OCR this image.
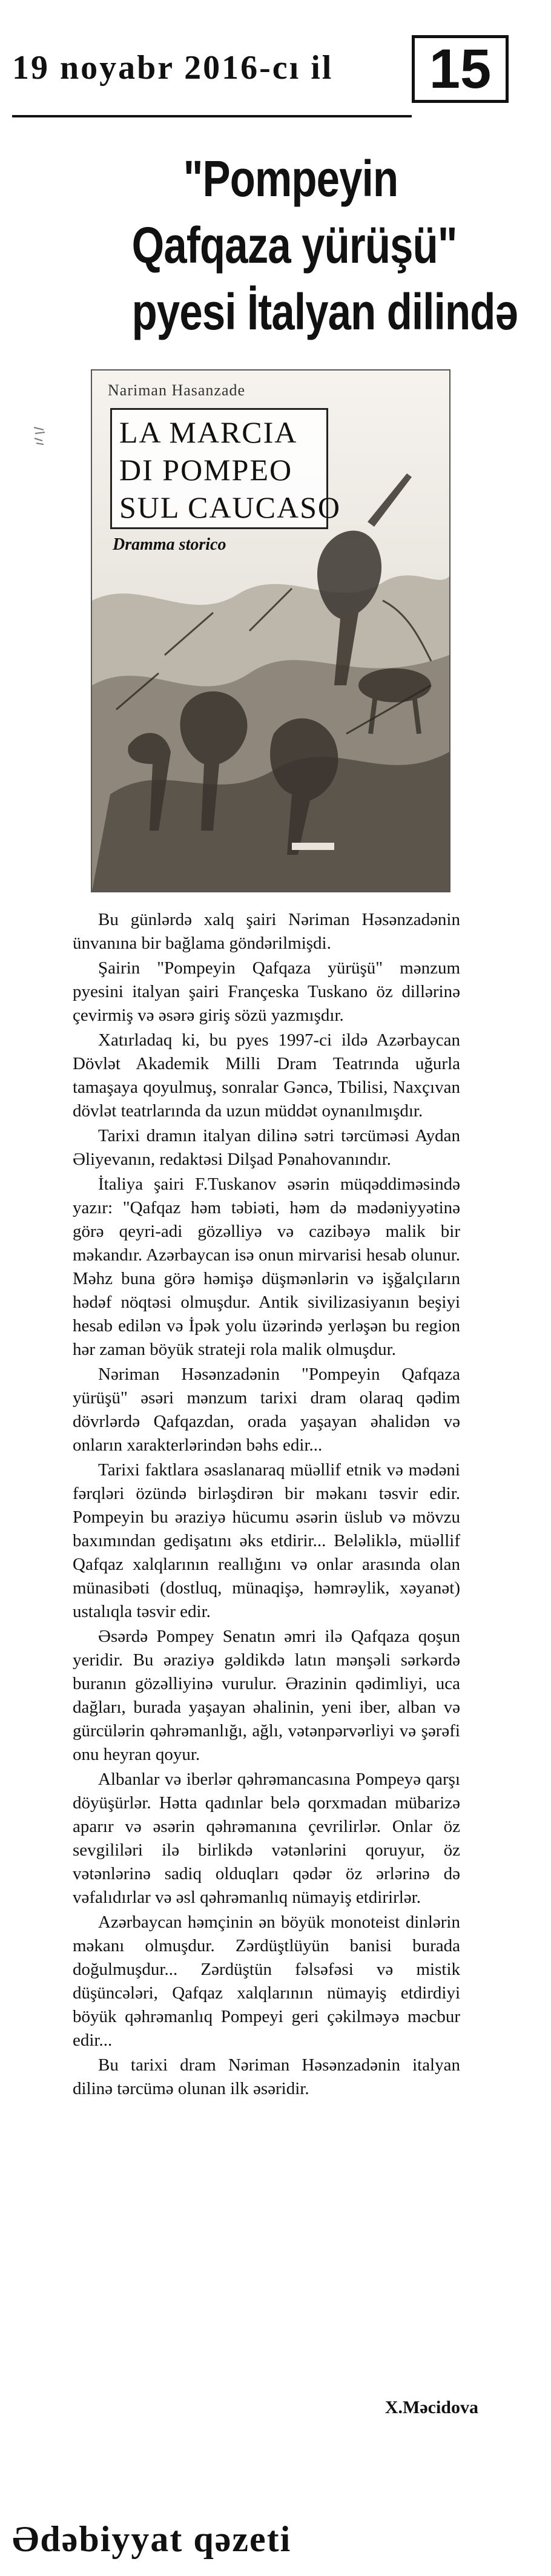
19 noyabr 2016-cı il	15
"Pompeyin
Qafqaza yürüşü"
pyesi İtalyan dilində
Nariman Hasanzade
LA MARCIA
DI POMPEO
SUL CAUCASO
Dramma storico

Bu günlərdə xalq şairi Nəriman Həsənzadənin ünvanına bir bağlama göndərilmişdi.

Şairin "Pompeyin Qafqaza yürüşü" mənzum pyesini italyan şairi Françeska Tuskano öz dillərinə çevirmiş və əsərə giriş sözü yazmışdır.

Xatırladaq ki, bu pyes 1997-ci ildə Azərbaycan Dövlət Akademik Milli Dram Teatrında uğurla tamaşaya qoyulmuş, sonralar Gəncə, Tbilisi, Naxçıvan dövlət teatrlarında da uzun müddət oynanılmışdır.

Tarixi dramın italyan dilinə sətri tərcüməsi Aydan Əliyevanın, redaktəsi Dilşad Pənahovanındır.

İtaliya şairi F.Tuskanov əsərin müqəddiməsində yazır: "Qafqaz həm təbiəti, həm də mədəniyyətinə görə qeyri-adi gözəlliyə və cazibəyə malik bir məkandır. Azərbaycan isə onun mirvarisi hesab olunur. Məhz buna görə həmişə düşmənlərin və işğalçıların hədəf nöqtəsi olmuşdur. Antik sivilizasiyanın beşiyi hesab edilən və İpək yolu üzərində yerləşən bu region hər zaman böyük strateji rola malik olmuşdur.

Nəriman Həsənzadənin "Pompeyin Qafqaza yürüşü" əsəri mənzum tarixi dram olaraq qədim dövrlərdə Qafqazdan, orada yaşayan əhalidən və onların xarakterlərindən bəhs edir...

Tarixi faktlara əsaslanaraq müəllif etnik və mədəni fərqləri özündə birləşdirən bir məkanı təsvir edir. Pompeyin bu əraziyə hücumu əsərin üslub və mövzu baxımından gedişatını əks etdirir... Beləliklə, müəllif Qafqaz xalqlarının reallığını və onlar arasında olan münasibəti (dostluq, münaqişə, həmrəylik, xəyanət) ustalıqla təsvir edir.

Əsərdə Pompey Senatın əmri ilə Qafqaza qoşun yeridir. Bu əraziyə gəldikdə latın mənşəli sərkərdə buranın gözəlliyinə vurulur. Ərazinin qədimliyi, uca dağları, burada yaşayan əhalinin, yeni iber, alban və gürcülərin qəhrəmanlığı, ağlı, vətənpərvərliyi və şərəfi onu heyran qoyur.

Albanlar və iberlər qəhrəmancasına Pompeyə qarşı döyüşürlər. Hətta qadınlar belə qorxmadan mübarizə aparır və əsərin qəhrəmanına çevrilirlər. Onlar öz sevgililəri ilə birlikdə vətənlərini qoruyur, öz vətənlərinə sadiq olduqları qədər öz ərlərinə də vəfalıdırlar və əsl qəhrəmanlıq nümayiş etdirirlər.

Azərbaycan həmçinin ən böyük monoteist dinlərin məkanı olmuşdur. Zərdüştlüyün banisi burada doğulmuşdur... Zərdüştün fəlsəfəsi və mistik düşüncələri, Qafqaz xalqlarının nümayiş etdirdiyi böyük qəhrəmanlıq Pompeyi geri çəkilməyə məcbur edir...

Bu tarixi dram Nəriman Həsənzadənin italyan dilinə tərcümə olunan ilk əsəridir.

X.Məcidova
Ədəbiyyat qəzeti
